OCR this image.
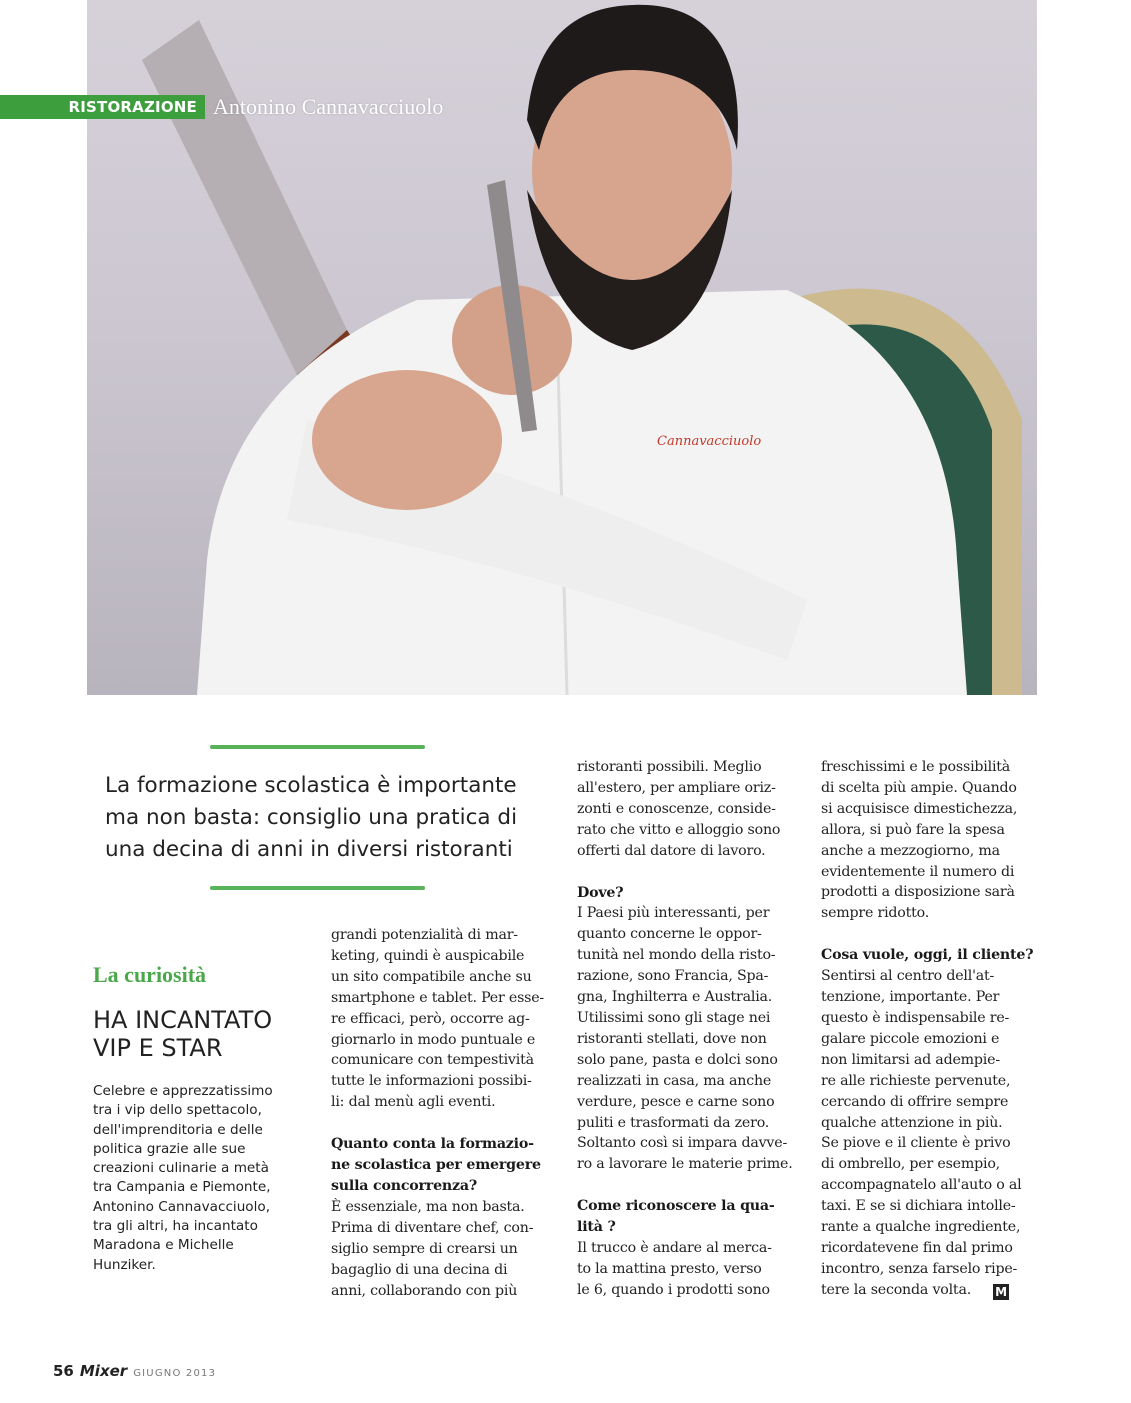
Cannavacciuolo
RISTORAZIONE Antonino Cannavacciuolo
La formazione scolastica è importante
ma non basta: consiglio una pratica di
una decina di anni in diversi ristoranti
La curiosità
HA INCANTATO
VIP E STAR
Celebre e apprezzatissimo
tra i vip dello spettacolo,
dell'imprenditoria e delle
politica grazie alle sue
creazioni culinarie a metà
tra Campania e Piemonte,
Antonino Cannavacciuolo,
tra gli altri, ha incantato
Maradona e Michelle
Hunziker.

grandi potenzialità di mar-
keting, quindi è auspicabile
un sito compatibile anche su
smartphone e tablet. Per esse-
re efficaci, però, occorre ag-
giornarlo in modo puntuale e
comunicare con tempestività
tutte le informazioni possibi-
li: dal menù agli eventi.

Quanto conta la formazio-
ne scolastica per emergere
sulla concorrenza?

È essenziale, ma non basta.
Prima di diventare chef, con-
siglio sempre di crearsi un
bagaglio di una decina di
anni, collaborando con più

ristoranti possibili. Meglio
all'estero, per ampliare oriz-
zonti e conoscenze, conside-
rato che vitto e alloggio sono
offerti dal datore di lavoro.

Dove?

I Paesi più interessanti, per
quanto concerne le oppor-
tunità nel mondo della risto-
razione, sono Francia, Spa-
gna, Inghilterra e Australia.
Utilissimi sono gli stage nei
ristoranti stellati, dove non
solo pane, pasta e dolci sono
realizzati in casa, ma anche
verdure, pesce e carne sono
puliti e trasformati da zero.
Soltanto così si impara davve-
ro a lavorare le materie prime.

Come riconoscere la qua-
lità ?

Il trucco è andare al merca-
to la mattina presto, verso
le 6, quando i prodotti sono

freschissimi e le possibilità
di scelta più ampie. Quando
si acquisisce dimestichezza,
allora, si può fare la spesa
anche a mezzogiorno, ma
evidentemente il numero di
prodotti a disposizione sarà
sempre ridotto.

Cosa vuole, oggi, il cliente?

Sentirsi al centro dell'at-
tenzione, importante. Per
questo è indispensabile re-
galare piccole emozioni e
non limitarsi ad adempie-
re alle richieste pervenute,
cercando di offrire sempre
qualche attenzione in più.
Se piove e il cliente è privo
di ombrello, per esempio,
accompagnatelo all'auto o al
taxi. E se si dichiara intolle-
rante a qualche ingrediente,
ricordatevene fin dal primo
incontro, senza farselo ripe-

tere la seconda volta. M

56 Mixer GIUGNO 2013
